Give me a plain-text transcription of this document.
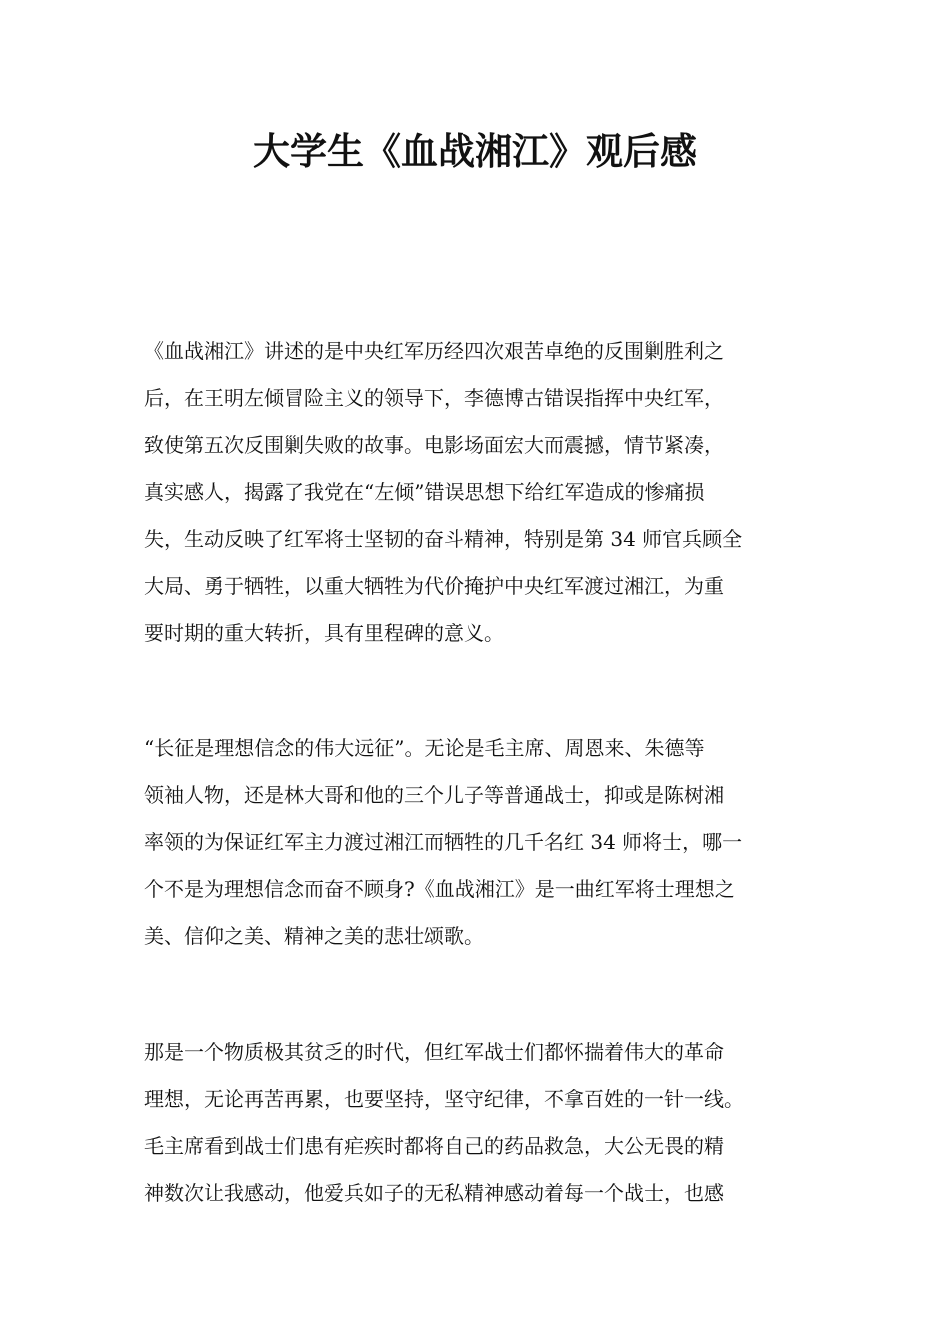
大学生《血战湘江》观后感
《血战湘江》讲述的是中央红军历经四次艰苦卓绝的反围剿胜利之
后，在王明左倾冒险主义的领导下，李德博古错误指挥中央红军，
致使第五次反围剿失败的故事。电影场面宏大而震撼，情节紧凑，
真实感人，揭露了我党在“左倾”错误思想下给红军造成的惨痛损
失，生动反映了红军将士坚韧的奋斗精神，特别是第 34 师官兵顾全
大局、勇于牺牲，以重大牺牲为代价掩护中央红军渡过湘江，为重
要时期的重大转折，具有里程碑的意义。
“长征是理想信念的伟大远征”。无论是毛主席、周恩来、朱德等
领袖人物，还是林大哥和他的三个儿子等普通战士，抑或是陈树湘
率领的为保证红军主力渡过湘江而牺牲的几千名红 34 师将士，哪一
个不是为理想信念而奋不顾身?《血战湘江》是一曲红军将士理想之
美、信仰之美、精神之美的悲壮颂歌。
那是一个物质极其贫乏的时代，但红军战士们都怀揣着伟大的革命
理想，无论再苦再累，也要坚持，坚守纪律，不拿百姓的一针一线。
毛主席看到战士们患有疟疾时都将自己的药品救急，大公无畏的精
神数次让我感动，他爱兵如子的无私精神感动着每一个战士，也感
